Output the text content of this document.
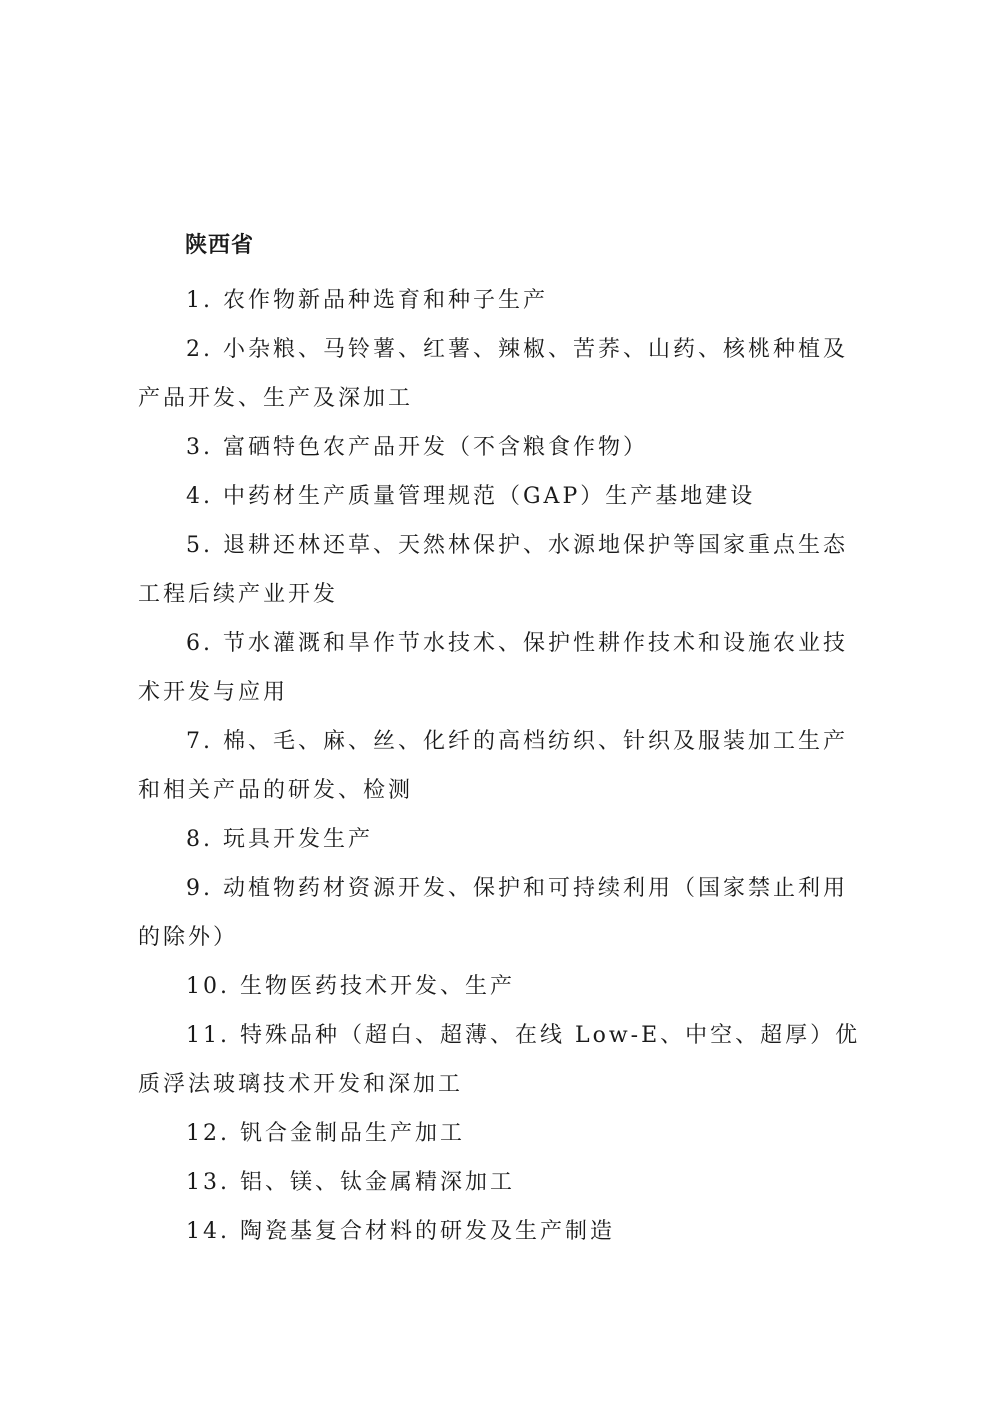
陕西省
1. 农作物新品种选育和种子生产
2. 小杂粮、马铃薯、红薯、辣椒、苦荞、山药、核桃种植及产品开发、生产及深加工
3. 富硒特色农产品开发（不含粮食作物）
4. 中药材生产质量管理规范（GAP）生产基地建设
5. 退耕还林还草、天然林保护、水源地保护等国家重点生态工程后续产业开发
6. 节水灌溉和旱作节水技术、保护性耕作技术和设施农业技术开发与应用
7. 棉、毛、麻、丝、化纤的高档纺织、针织及服装加工生产和相关产品的研发、检测
8. 玩具开发生产
9. 动植物药材资源开发、保护和可持续利用（国家禁止利用的除外）
10. 生物医药技术开发、生产
11. 特殊品种（超白、超薄、在线 Low-E、中空、超厚）优质浮法玻璃技术开发和深加工
12. 钒合金制品生产加工
13. 铝、镁、钛金属精深加工
14. 陶瓷基复合材料的研发及生产制造
